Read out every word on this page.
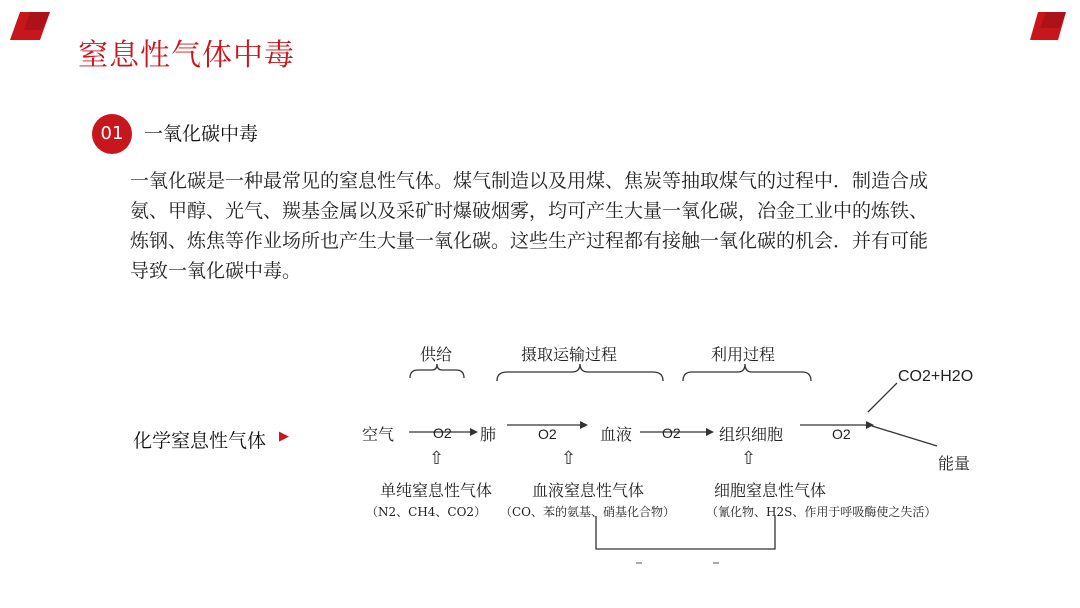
窒息性气体中毒
01	一氧化碳中毒
一氧化碳是一种最常见的窒息性气体。煤气制造以及用煤、焦炭等抽取煤气的过程中．制造合成
氨、甲醇、光气、羰基金属以及采矿时爆破烟雾，均可产生大量一氧化碳，冶金工业中的炼铁、
炼钢、炼焦等作业场所也产生大量一氧化碳。这些生产过程都有接触一氧化碳的机会．并有可能
导致一氧化碳中毒。
化学窒息性气体 ▶
供给	摄取运输过程	利用过程
空气	O2 肺	O2	血液 O2 组织细胞	O2
CO2+H2O
能量
⇧	⇧	⇧
单纯窒息性气体
（N2、CH4、CO2）
血液窒息性气体
（CO、苯的氨基、硝基化合物）
细胞窒息性气体
（氰化物、H2S、作用于呼吸酶使之失活）
